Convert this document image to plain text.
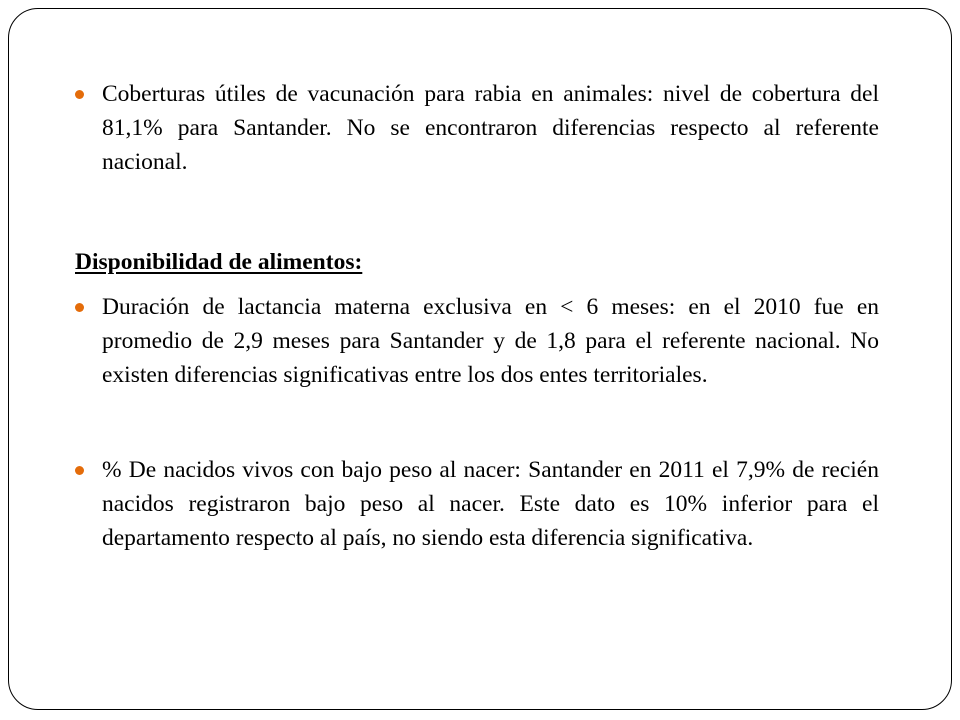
Coberturas útiles de vacunación para rabia en animales: nivel de cobertura del 81,1% para Santander. No se encontraron diferencias respecto al referente nacional.

Disponibilidad de alimentos:

Duración de lactancia materna exclusiva en < 6 meses: en el 2010 fue en promedio de 2,9 meses para Santander y de 1,8 para el referente nacional. No existen diferencias significativas entre los dos entes territoriales.
% De nacidos vivos con bajo peso al nacer: Santander en 2011 el 7,9% de recién nacidos registraron bajo peso al nacer. Este dato es 10% inferior para el departamento respecto al país, no siendo esta diferencia significativa.
